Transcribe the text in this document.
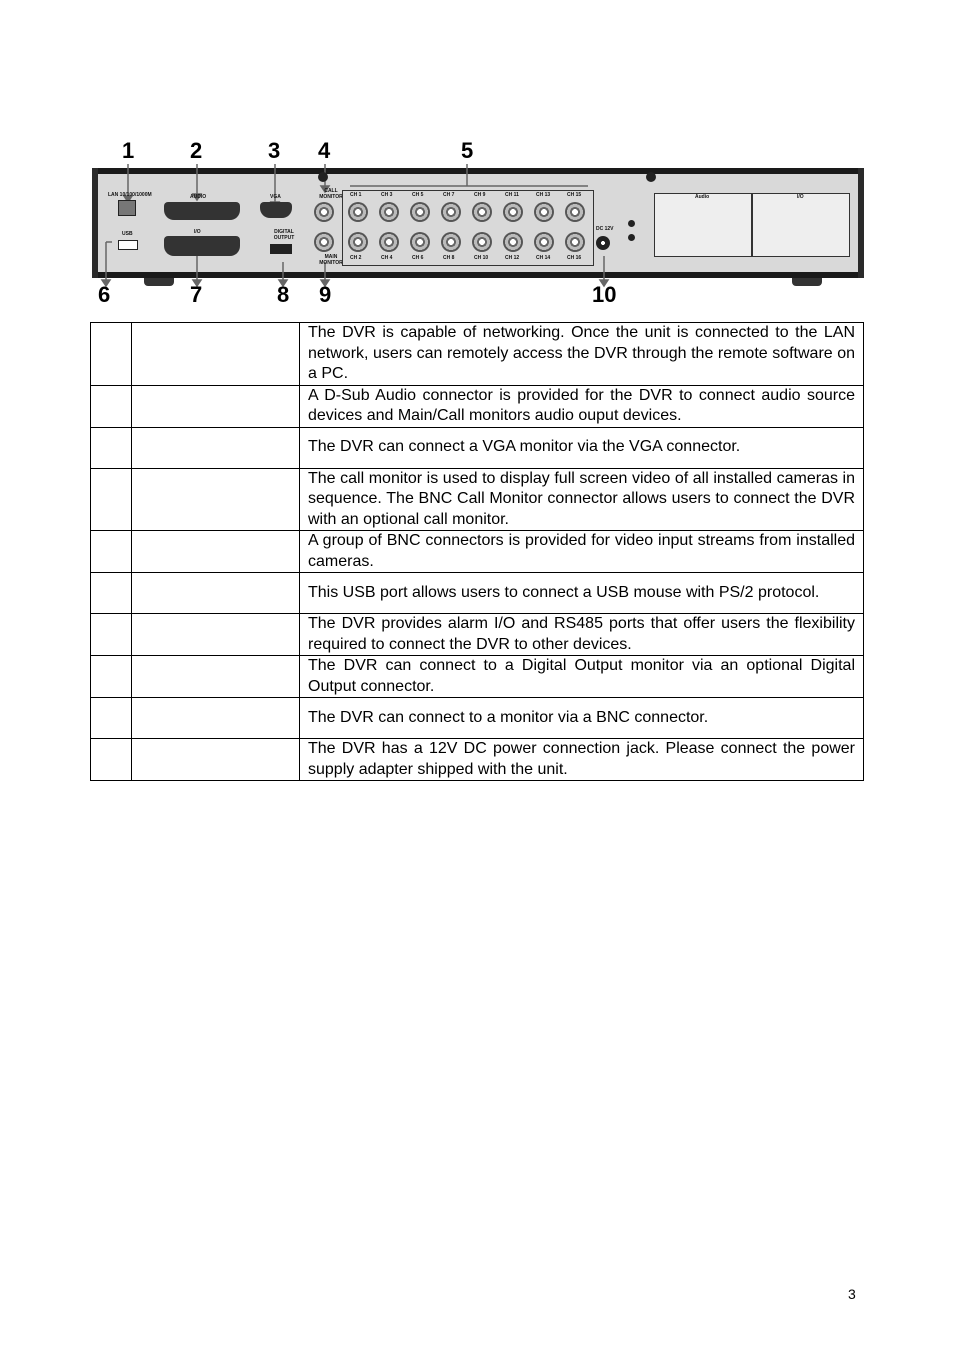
1	2	3 4	5
LAN 10/100/1000M	AUDIO	VGA
CALL MONITOR
USB	I/O	DIGITAL OUTPUT
MAIN MONITOR
DC 12V
Audio	I/O
6	7	8 9	10
CH 1	CH 3	CH 5	CH 7	CH 9	CH 11	CH 13	CH 15
CH 2	CH 4	CH 6	CH 8	CH 10	CH 12	CH 14	CH 16
		The DVR is capable of networking. Once the unit is connected to the LAN network, users can remotely access the DVR through the remote software on a PC.
		A D-Sub Audio connector is provided for the DVR to connect audio source devices and Main/Call monitors audio ouput devices.
		The DVR can connect a VGA monitor via the VGA connector.
		The call monitor is used to display full screen video of all installed cameras in sequence. The BNC Call Monitor connector allows users to connect the DVR with an optional call monitor.
		A group of BNC connectors is provided for video input streams from installed cameras.
		This USB port allows users to connect a USB mouse with PS/2 protocol.
		The DVR provides alarm I/O and RS485 ports that offer users the flexibility required to connect the DVR to other devices.
		The DVR can connect to a Digital Output monitor via an optional Digital Output connector.
		The DVR can connect to a monitor via a BNC connector.
		The DVR has a 12V DC power connection jack. Please connect the power supply adapter shipped with the unit.
3
